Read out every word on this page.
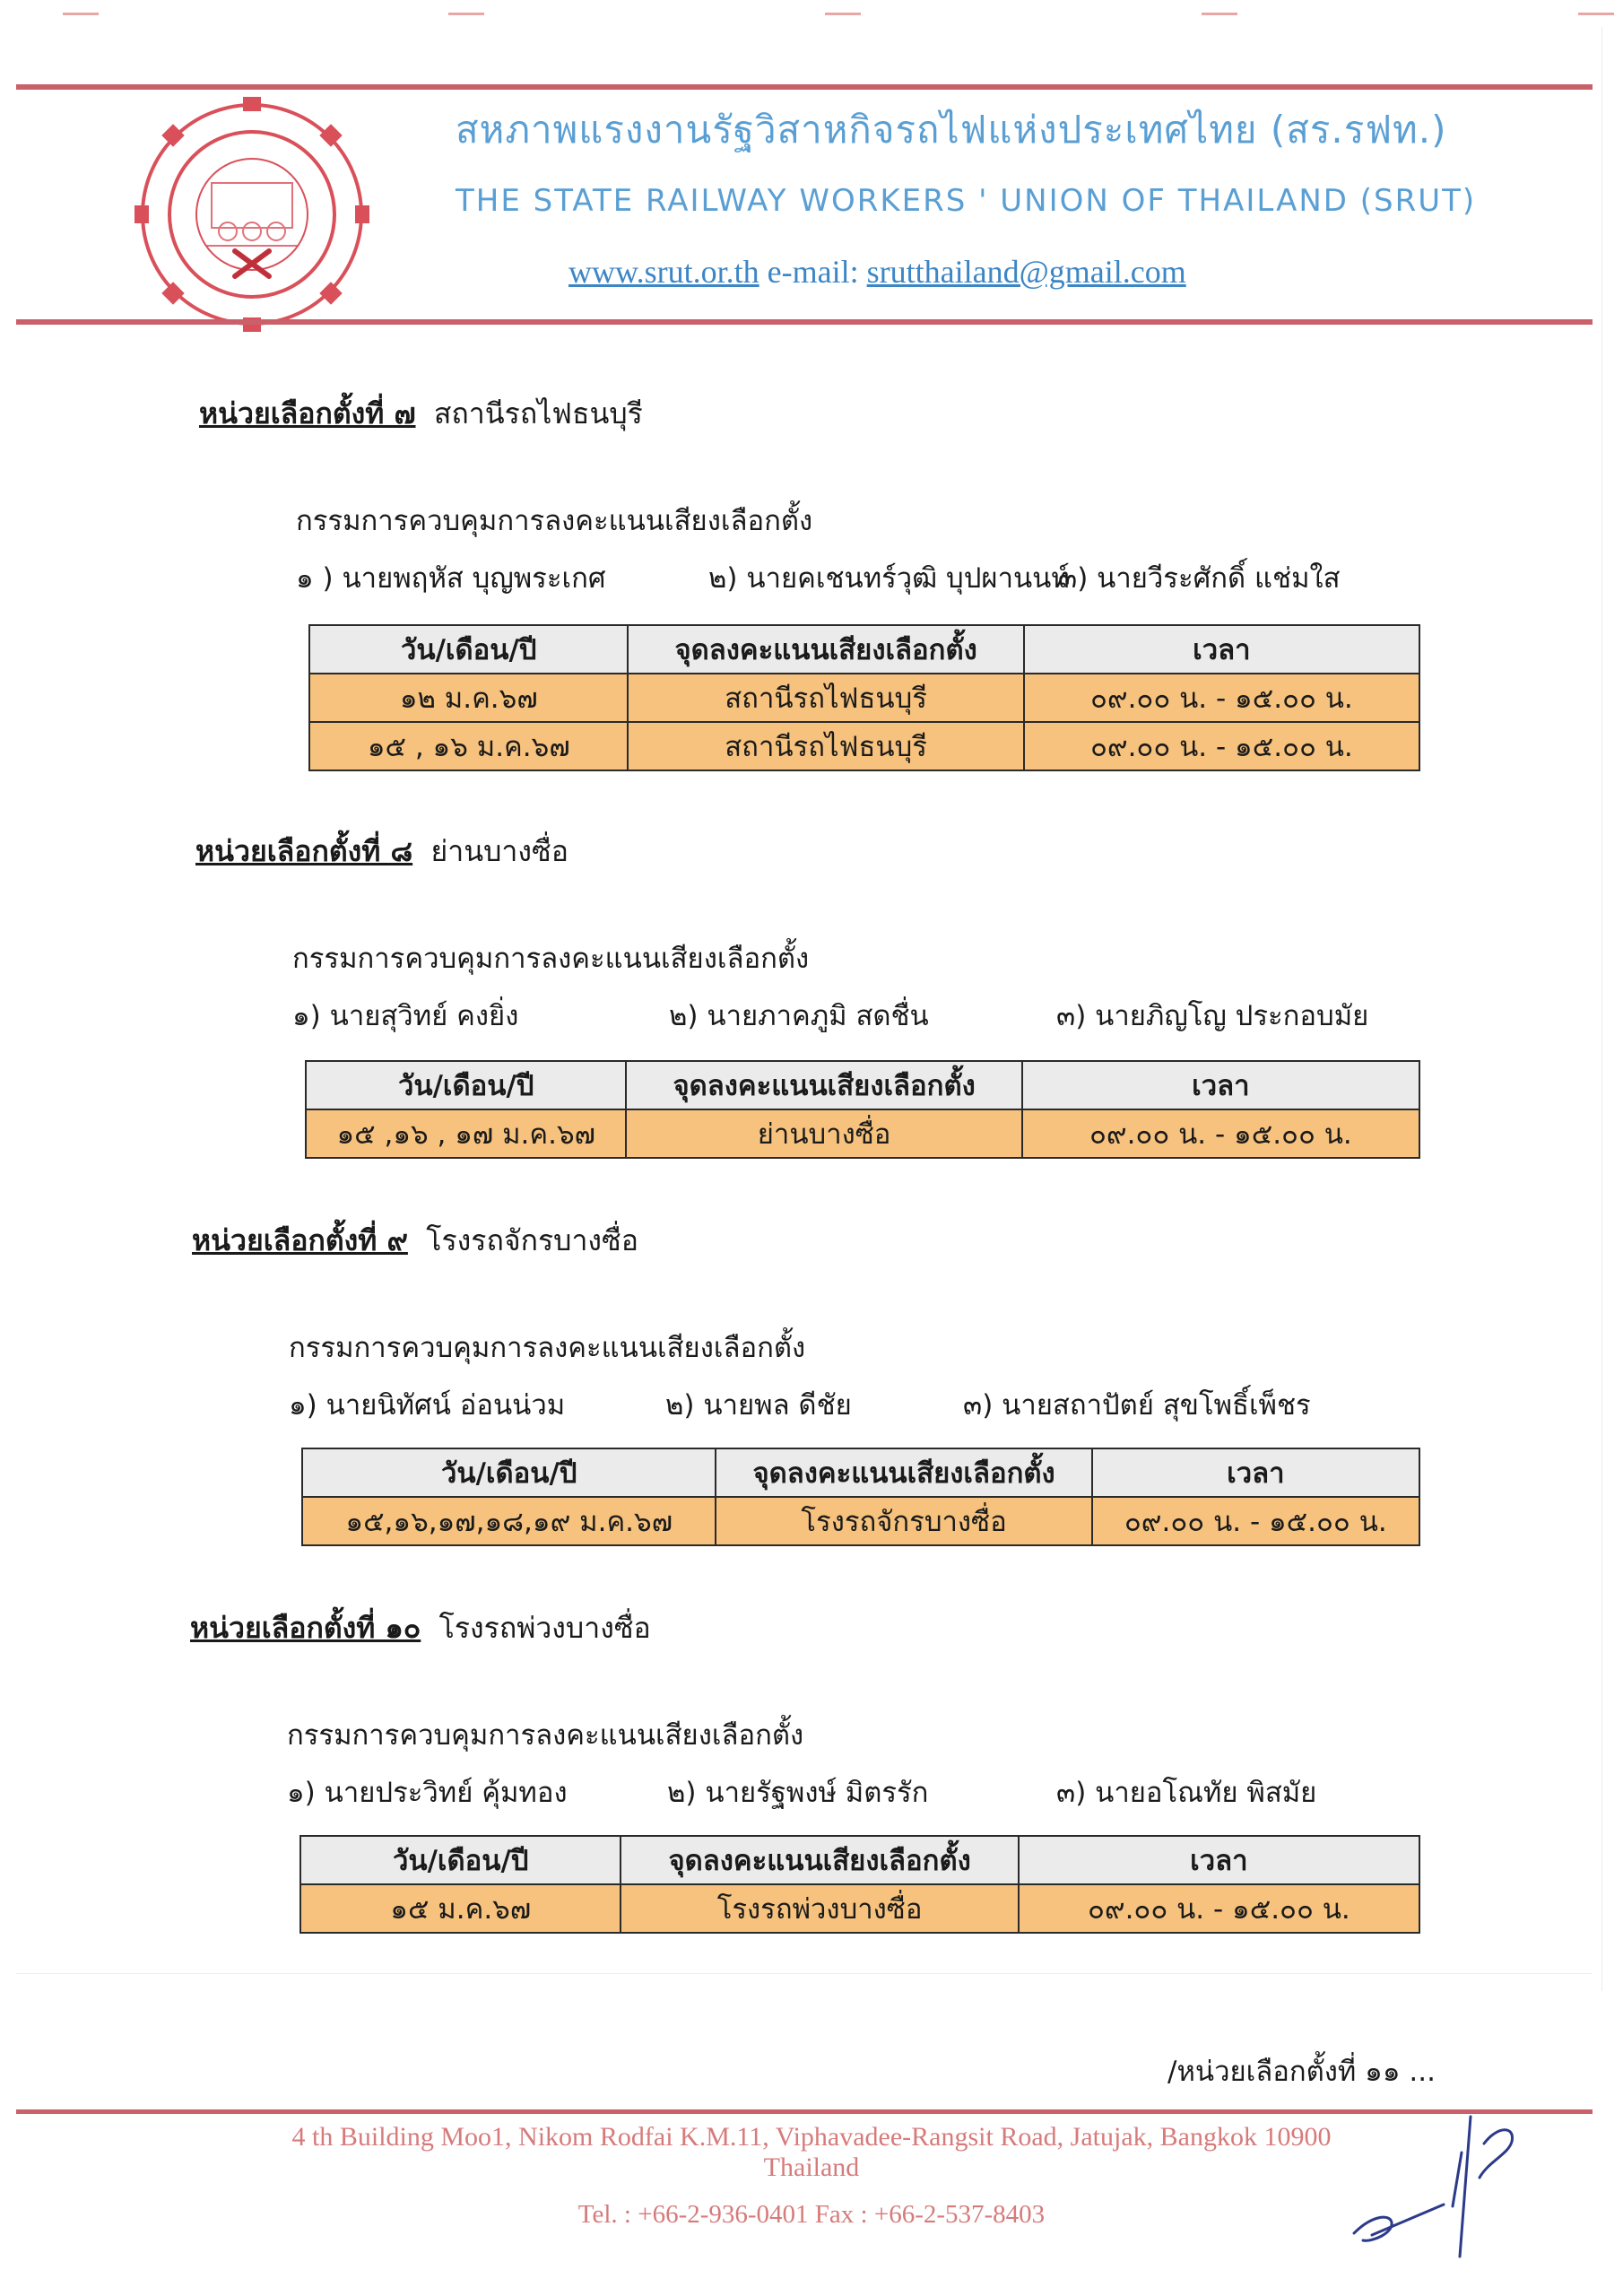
สหภาพแรงงานรัฐวิสาหกิจรถไฟแห่งประเทศไทย (สร.รฟท.)
THE STATE RAILWAY WORKERS ' UNION OF THAILAND (SRUT)
www.srut.or.th e-mail: srutthailand@gmail.com
หน่วยเลือกตั้งที่ ๗ สถานีรถไฟธนบุรี
กรรมการควบคุมการลงคะแนนเสียงเลือกตั้ง
๑ ) นายพฤหัส บุญพระเกศ	๒) นายคเชนทร์วุฒิ บุปผานนท์
๓) นายวีระศักดิ์ แช่มใส
วัน/เดือน/ปี	จุดลงคะแนนเสียงเลือกตั้ง	เวลา
๑๒ ม.ค.๖๗	สถานีรถไฟธนบุรี	๐๙.๐๐ น. - ๑๕.๐๐ น.
๑๕ , ๑๖ ม.ค.๖๗	สถานีรถไฟธนบุรี	๐๙.๐๐ น. - ๑๕.๐๐ น.
หน่วยเลือกตั้งที่ ๘ ย่านบางซื่อ
กรรมการควบคุมการลงคะแนนเสียงเลือกตั้ง
๑) นายสุวิทย์ คงยิ่ง	๒) นายภาคภูมิ สดชื่น	๓) นายภิญโญ ประกอบมัย
วัน/เดือน/ปี	จุดลงคะแนนเสียงเลือกตั้ง	เวลา
๑๕ ,๑๖ , ๑๗ ม.ค.๖๗	ย่านบางซื่อ	๐๙.๐๐ น. - ๑๕.๐๐ น.
หน่วยเลือกตั้งที่ ๙ โรงรถจักรบางซื่อ
กรรมการควบคุมการลงคะแนนเสียงเลือกตั้ง
๑) นายนิทัศน์ อ่อนน่วม	๒) นายพล ดีชัย	๓) นายสถาปัตย์ สุขโพธิ์เพ็ชร
วัน/เดือน/ปี	จุดลงคะแนนเสียงเลือกตั้ง	เวลา
๑๕,๑๖,๑๗,๑๘,๑๙ ม.ค.๖๗	โรงรถจักรบางซื่อ	๐๙.๐๐ น. - ๑๕.๐๐ น.
หน่วยเลือกตั้งที่ ๑๐ โรงรถพ่วงบางซื่อ
กรรมการควบคุมการลงคะแนนเสียงเลือกตั้ง
๑) นายประวิทย์ คุ้มทอง	๒) นายรัฐพงษ์ มิตรรัก	๓) นายอโณทัย พิสมัย
วัน/เดือน/ปี	จุดลงคะแนนเสียงเลือกตั้ง	เวลา
๑๕ ม.ค.๖๗	โรงรถพ่วงบางซื่อ	๐๙.๐๐ น. - ๑๕.๐๐ น.
/หน่วยเลือกตั้งที่ ๑๑ ...
4 th Building Moo1, Nikom Rodfai K.M.11, Viphavadee-Rangsit Road, Jatujak, Bangkok 10900
Thailand
Tel. : +66-2-936-0401 Fax : +66-2-537-8403
